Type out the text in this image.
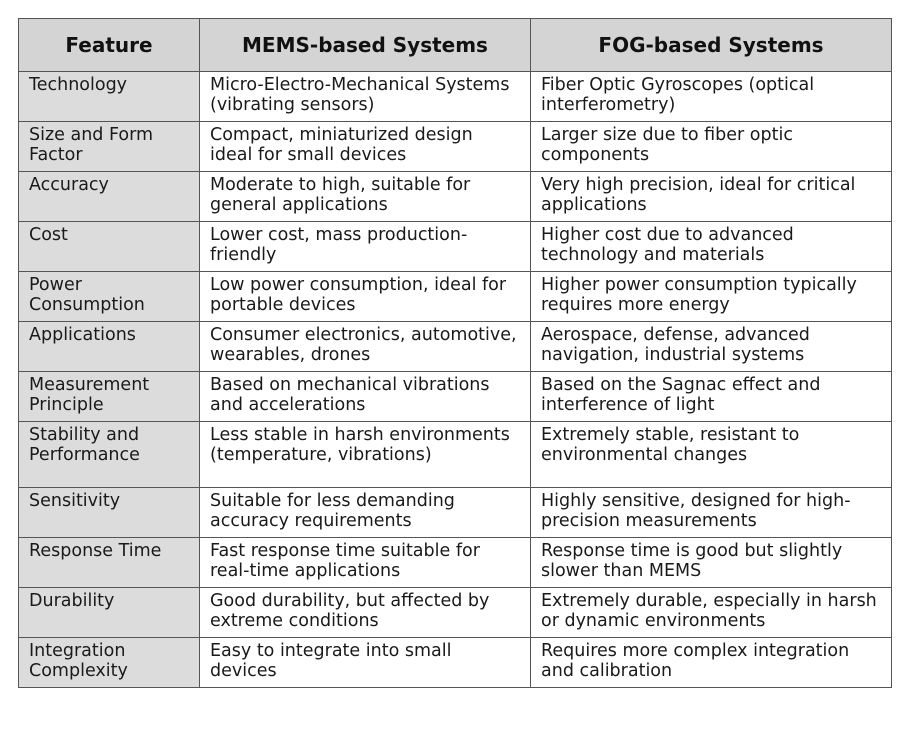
Feature	MEMS-based Systems	FOG-based Systems
Technology	Micro-Electro-Mechanical Systems (vibrating sensors)	Fiber Optic Gyroscopes (optical interferometry)
Size and Form Factor	Compact, miniaturized design ideal for small devices	Larger size due to fiber optic components
Accuracy	Moderate to high, suitable for general applications	Very high precision, ideal for critical applications
Cost	Lower cost, mass production-friendly	Higher cost due to advanced technology and materials
Power Consumption	Low power consumption, ideal for portable devices	Higher power consumption typically requires more energy
Applications	Consumer electronics, automotive, wearables, drones	Aerospace, defense, advanced navigation, industrial systems
Measurement Principle	Based on mechanical vibrations and accelerations	Based on the Sagnac effect and interference of light
Stability and Performance	Less stable in harsh environments (temperature, vibrations)	Extremely stable, resistant to environmental changes
Sensitivity	Suitable for less demanding accuracy requirements	Highly sensitive, designed for high-precision measurements
Response Time	Fast response time suitable for real-time applications	Response time is good but slightly slower than MEMS
Durability	Good durability, but affected by extreme conditions	Extremely durable, especially in harsh or dynamic environments
Integration Complexity	Easy to integrate into small devices	Requires more complex integration and calibration
